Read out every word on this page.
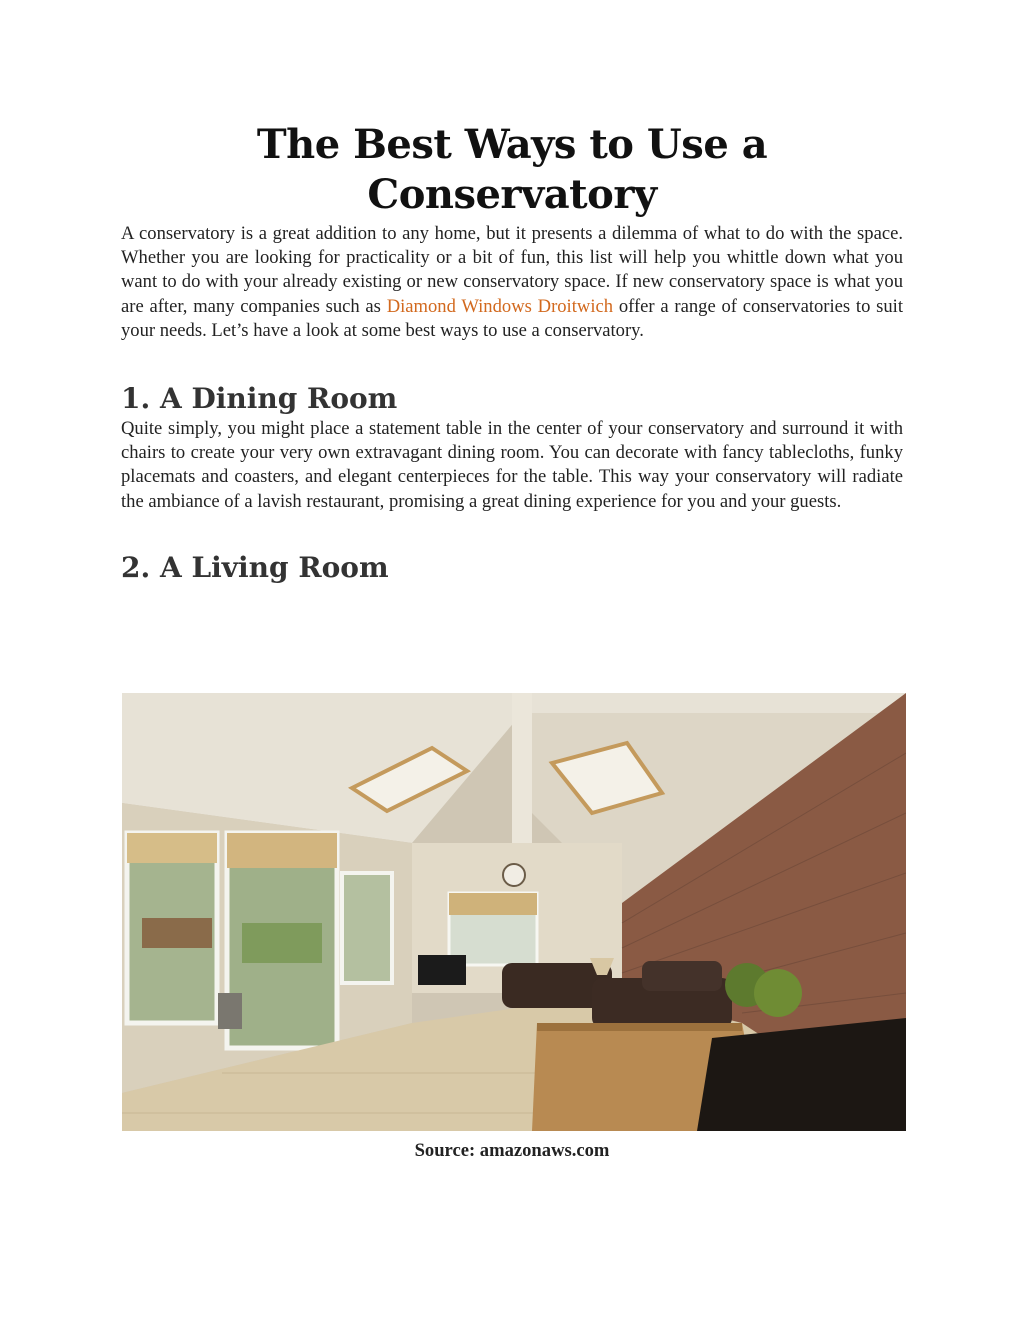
The Best Ways to Use a Conservatory

A conservatory is a great addition to any home, but it presents a dilemma of what to do with the space. Whether you are looking for practicality or a bit of fun, this list will help you whittle down what you want to do with your already existing or new conservatory space. If new conservatory space is what you are after, many companies such as Diamond Windows Droitwich offer a range of conservatories to suit your needs. Let’s have a look at some best ways to use a conservatory.

1. A Dining Room

Quite simply, you might place a statement table in the center of your conservatory and surround it with chairs to create your very own extravagant dining room. You can decorate with fancy tablecloths, funky placemats and coasters, and elegant centerpieces for the table. This way your conservatory will radiate the ambiance of a lavish restaurant, promising a great dining experience for you and your guests.

2. A Living Room
Source: amazonaws.com
